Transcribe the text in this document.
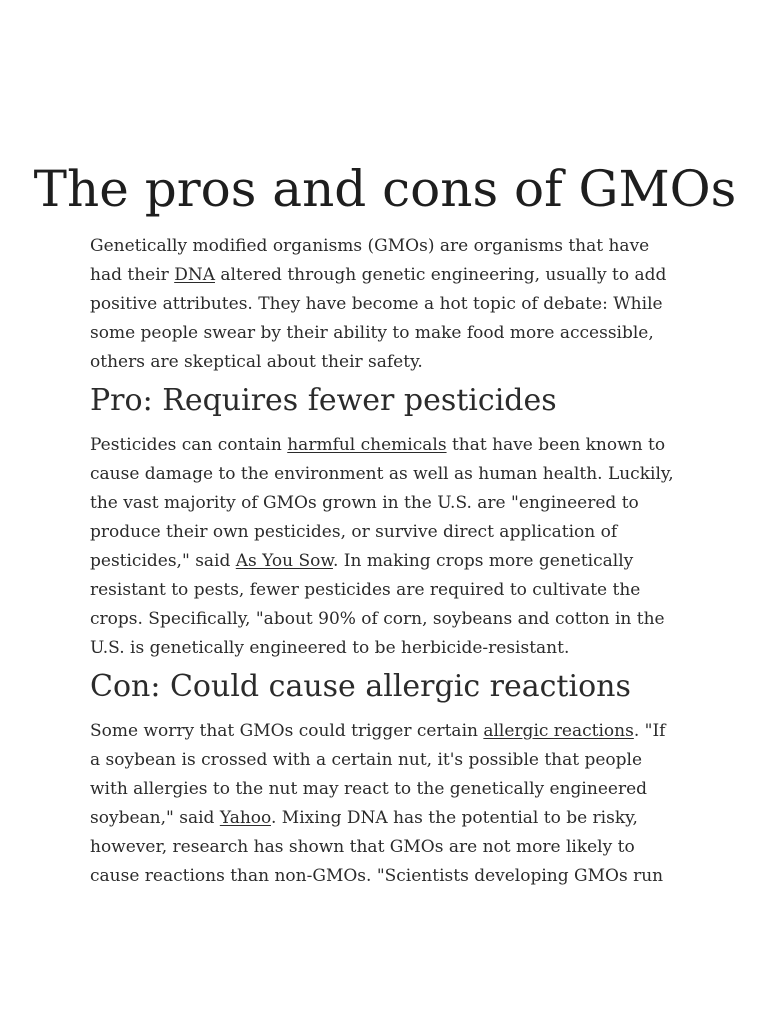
The pros and cons of GMOs

Genetically modified organisms (GMOs) are organisms that have had their DNA altered through genetic engineering, usually to add positive attributes. They have become a hot topic of debate: While some people swear by their ability to make food more accessible, others are skeptical about their safety.

Pro: Requires fewer pesticides

Pesticides can contain harmful chemicals that have been known to cause damage to the environment as well as human health. Luckily, the vast majority of GMOs grown in the U.S. are "engineered to produce their own pesticides, or survive direct application of pesticides," said As You Sow. In making crops more genetically resistant to pests, fewer pesticides are required to cultivate the crops. Specifically, "about 90% of corn, soybeans and cotton in the U.S. is genetically engineered to be herbicide-resistant.

Con: Could cause allergic reactions

Some worry that GMOs could trigger certain allergic reactions. "If a soybean is crossed with a certain nut, it's possible that people with allergies to the nut may react to the genetically engineered soybean," said Yahoo. Mixing DNA has the potential to be risky, however, research has shown that GMOs are not more likely to cause reactions than non-GMOs. "Scientists developing GMOs run
